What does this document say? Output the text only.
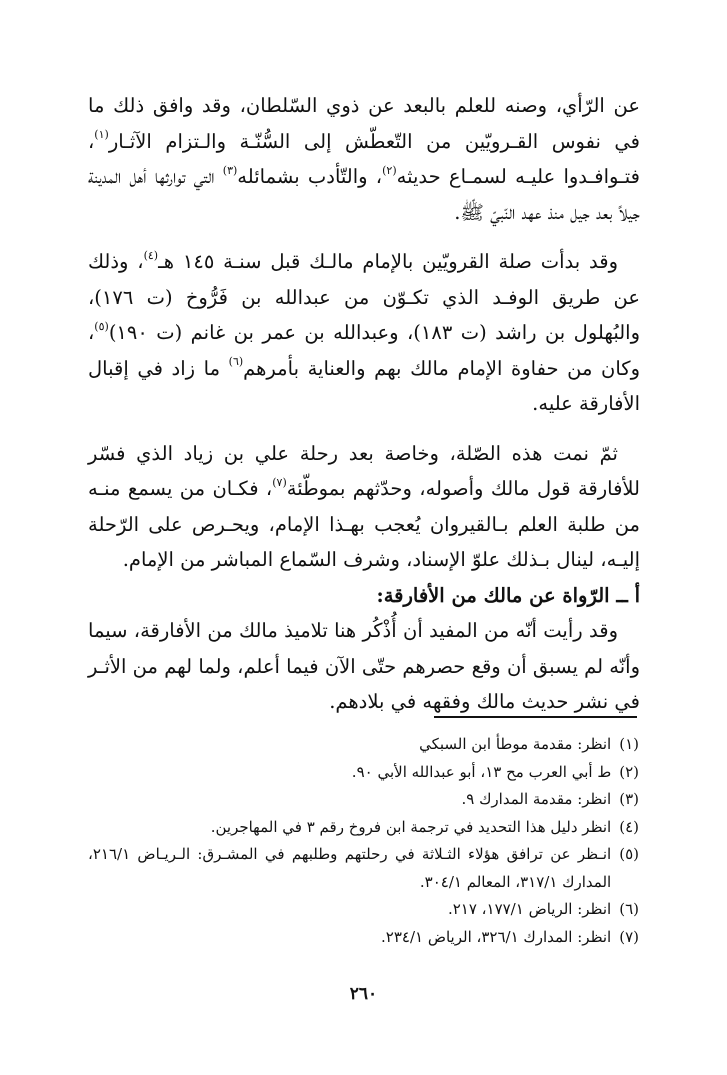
عن الرّأي، وصنه للعلم بالبعد عن ذوي السّلطان، وقد وافق ذلك ما في نفوس القـرويّين من التّعطّش إلى السُّنّـة والـتزام الآثـار$^{(١)}$، فتـوافـدوا عليـه لسمـاع حديثه$^{(٢)}$، والتّأدب بشمائله$^{(٣)}$ التي توارثها أهل المدينة جيلاً بعد جيل منذ عهد النّبيّ ﷺ.

وقد بدأت صلة القرويّين بالإمام مالـك قبل سنـة ١٤٥ هـ$^{(٤)}$، وذلك عن طريق الوفـد الذي تكـوّن من عبدالله بن فَرُّوخ (ت ١٧٦)، والبُهلول بن راشد (ت ١٨٣)، وعبدالله بن عمر بن غانم (ت ١٩٠)$^{(٥)}$، وكان من حفاوة الإمام مالك بهم والعناية بأمرهم$^{(٦)}$ ما زاد في إقبال الأفارقة عليه.

ثمّ نمت هذه الصّلة، وخاصة بعد رحلة علي بن زياد الذي فسّر للأفارقة قول مالك وأصوله، وحدّثهم بموطّئة$^{(٧)}$، فكـان من يسمع منـه من طلبة العلم بـالقيروان يُعجب بهـذا الإمام، ويحـرص على الرّحلة إليـه، لينال بـذلك علوّ الإسناد، وشرف السّماع المباشر من الإمام.

أ ــ الرّواة عن مالك من الأفارقة:

وقد رأيت أنّه من المفيد أن أُذْكُر هنا تلاميذ مالك من الأفارقة، سيما وأنّه لم يسبق أن وقع حصرهم حتّى الآن فيما أعلم، ولما لهم من الأثـر في نشر حديث مالك وفقهه في بلادهم.

(١)
انظر: مقدمة موطأ ابن السبكي

(٢)
ط أبي العرب مح ١٣، أبو عبدالله الأبي ٩٠.

(٣)
انظر: مقدمة المدارك ٩.

(٤)
انظر دليل هذا التحديد في ترجمة ابن فروخ رقم ٣ في المهاجرين.

(٥)
انـظر عن ترافق هؤلاء الثـلاثة في رحلتهم وطلبهم في المشـرق: الـريـاض ٢١٦/١، المدارك ٣١٧/١، المعالم ٣٠٤/١.

(٦)
انظر: الرياض ١٧٧/١، ٢١٧.

(٧)
انظر: المدارك ٣٢٦/١، الرياض ٢٣٤/١.

٢٦٠
